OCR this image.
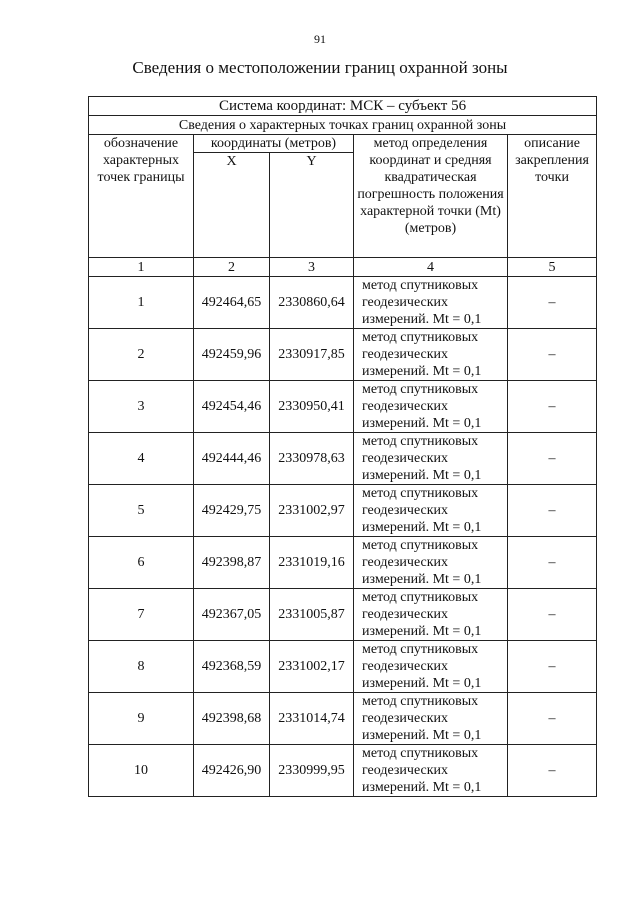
91
Сведения о местоположении границ охранной зоны
Система координат: МСК – субъект 56				
Сведения о характерных точках границ охранной зоны				
обозначение характерных точек границы	координаты (метров)		метод определения координат и средняя квадратическая погрешность положения характерной точки (Mt) (метров)	описание закрепления точки
	X	Y		
1	2	3	4	5
1	492464,65	2330860,64	метод спутниковых геодезических измерений. Mt = 0,1	–
2	492459,96	2330917,85	метод спутниковых геодезических измерений. Mt = 0,1	–
3	492454,46	2330950,41	метод спутниковых геодезических измерений. Mt = 0,1	–
4	492444,46	2330978,63	метод спутниковых геодезических измерений. Mt = 0,1	–
5	492429,75	2331002,97	метод спутниковых геодезических измерений. Mt = 0,1	–
6	492398,87	2331019,16	метод спутниковых геодезических измерений. Mt = 0,1	–
7	492367,05	2331005,87	метод спутниковых геодезических измерений. Mt = 0,1	–
8	492368,59	2331002,17	метод спутниковых геодезических измерений. Mt = 0,1	–
9	492398,68	2331014,74	метод спутниковых геодезических измерений. Mt = 0,1	–
10	492426,90	2330999,95	метод спутниковых геодезических измерений. Mt = 0,1	–
